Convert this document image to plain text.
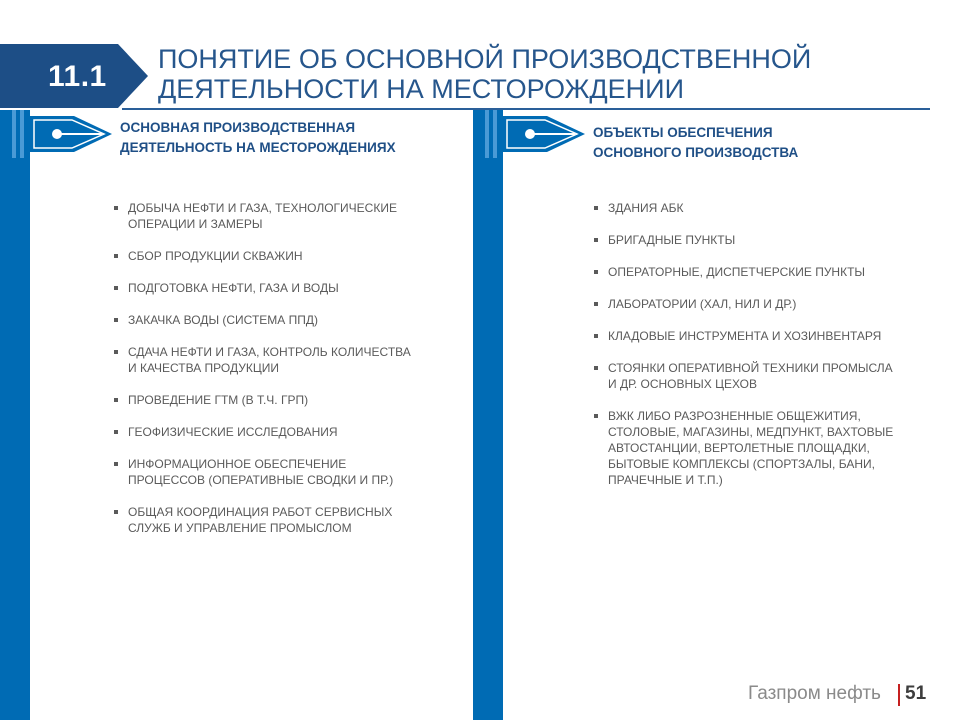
11.1
ПОНЯТИЕ ОБ ОСНОВНОЙ ПРОИЗВОДСТВЕННОЙ
ДЕЯТЕЛЬНОСТИ НА МЕСТОРОЖДЕНИИ
ОСНОВНАЯ ПРОИЗВОДСТВЕННАЯ
ДЕЯТЕЛЬНОСТЬ НА МЕСТОРОЖДЕНИЯХ
ОБЪЕКТЫ ОБЕСПЕЧЕНИЯ
ОСНОВНОГО ПРОИЗВОДСТВА
ДОБЫЧА НЕФТИ И ГАЗА, ТЕХНОЛОГИЧЕСКИЕ
ОПЕРАЦИИ И ЗАМЕРЫ
СБОР ПРОДУКЦИИ СКВАЖИН
ПОДГОТОВКА НЕФТИ, ГАЗА И ВОДЫ
ЗАКАЧКА ВОДЫ (СИСТЕМА ППД)
СДАЧА НЕФТИ И ГАЗА, КОНТРОЛЬ КОЛИЧЕСТВА
И КАЧЕСТВА ПРОДУКЦИИ
ПРОВЕДЕНИЕ ГТМ (В Т.Ч. ГРП)
ГЕОФИЗИЧЕСКИЕ ИССЛЕДОВАНИЯ
ИНФОРМАЦИОННОЕ ОБЕСПЕЧЕНИЕ
ПРОЦЕССОВ (ОПЕРАТИВНЫЕ СВОДКИ И ПР.)
ОБЩАЯ КООРДИНАЦИЯ РАБОТ СЕРВИСНЫХ
СЛУЖБ И УПРАВЛЕНИЕ ПРОМЫСЛОМ
ЗДАНИЯ АБК
БРИГАДНЫЕ ПУНКТЫ
ОПЕРАТОРНЫЕ, ДИСПЕТЧЕРСКИЕ ПУНКТЫ
ЛАБОРАТОРИИ (ХАЛ, НИЛ И ДР.)
КЛАДОВЫЕ ИНСТРУМЕНТА И ХОЗИНВЕНТАРЯ
СТОЯНКИ ОПЕРАТИВНОЙ ТЕХНИКИ ПРОМЫСЛА
И ДР. ОСНОВНЫХ ЦЕХОВ
ВЖК ЛИБО РАЗРОЗНЕННЫЕ ОБЩЕЖИТИЯ,
СТОЛОВЫЕ, МАГАЗИНЫ, МЕДПУНКТ, ВАХТОВЫЕ
АВТОСТАНЦИИ, ВЕРТОЛЕТНЫЕ ПЛОЩАДКИ,
БЫТОВЫЕ КОМПЛЕКСЫ (СПОРТЗАЛЫ, БАНИ,
ПРАЧЕЧНЫЕ И Т.П.)
Газпром нефть 51
